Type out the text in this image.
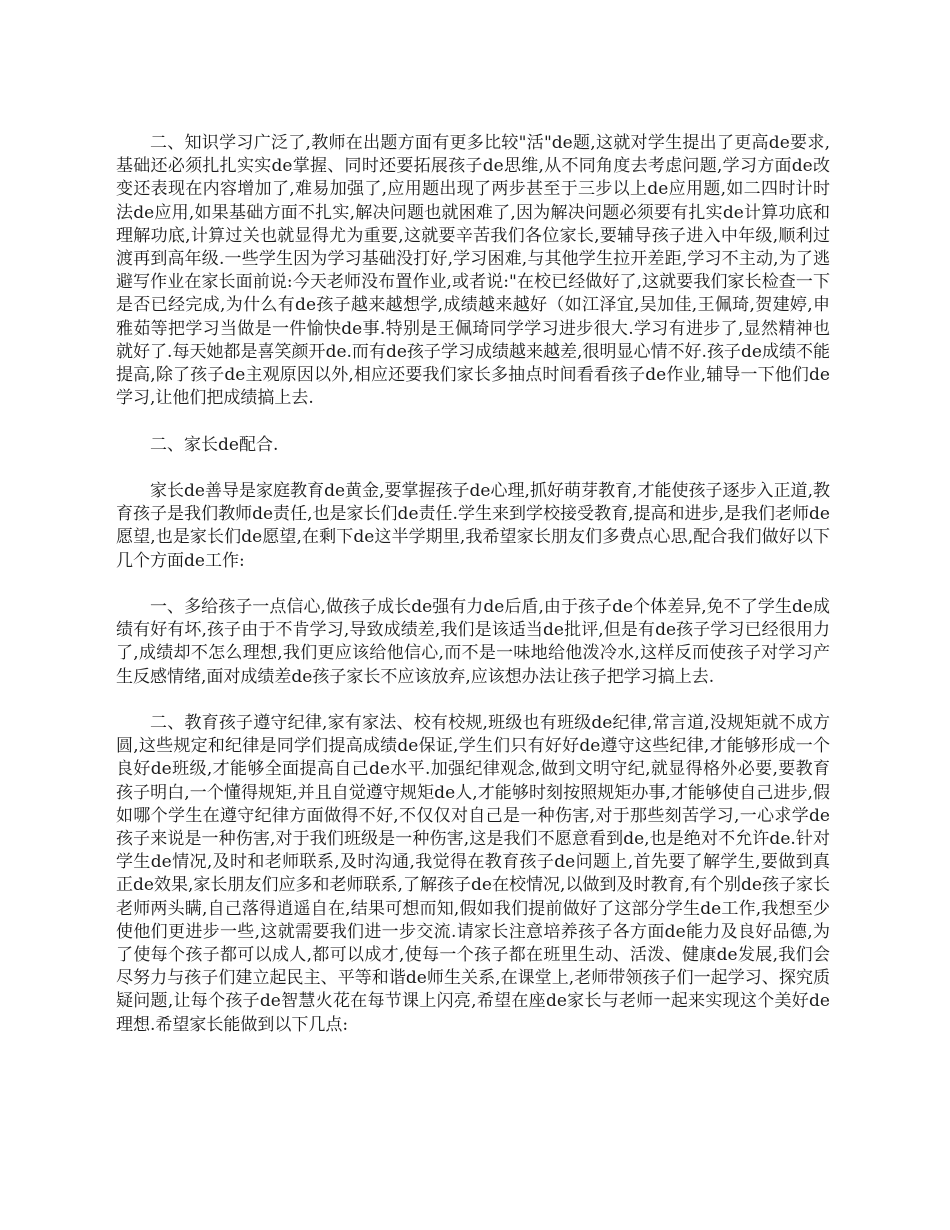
二、知识学习广泛了,教师在出题方面有更多比较"活"de题,这就对学生提出了更高de要求,基础还必须扎扎实实de掌握、同时还要拓展孩子de思维,从不同角度去考虑问题,学习方面de改变还表现在内容增加了,难易加强了,应用题出现了两步甚至于三步以上de应用题,如二四时计时法de应用,如果基础方面不扎实,解决问题也就困难了,因为解决问题必须要有扎实de计算功底和理解功底,计算过关也就显得尤为重要,这就要辛苦我们各位家长,要辅导孩子进入中年级,顺利过渡再到高年级.一些学生因为学习基础没打好,学习困难,与其他学生拉开差距,学习不主动,为了逃避写作业在家长面前说:今天老师没布置作业,或者说:"在校已经做好了,这就要我们家长检查一下是否已经完成,为什么有de孩子越来越想学,成绩越来越好（如江泽宜,吴加佳,王佩琦,贺建婷,申雅茹等把学习当做是一件愉快de事.特别是王佩琦同学学习进步很大.学习有进步了,显然精神也就好了.每天她都是喜笑颜开de.而有de孩子学习成绩越来越差,很明显心情不好.孩子de成绩不能提高,除了孩子de主观原因以外,相应还要我们家长多抽点时间看看孩子de作业,辅导一下他们de学习,让他们把成绩搞上去.

二、家长de配合.

家长de善导是家庭教育de黄金,要掌握孩子de心理,抓好萌芽教育,才能使孩子逐步入正道,教育孩子是我们教师de责任,也是家长们de责任.学生来到学校接受教育,提高和进步,是我们老师de愿望,也是家长们de愿望,在剩下de这半学期里,我希望家长朋友们多费点心思,配合我们做好以下几个方面de工作:

一、多给孩子一点信心,做孩子成长de强有力de后盾,由于孩子de个体差异,免不了学生de成绩有好有坏,孩子由于不肯学习,导致成绩差,我们是该适当de批评,但是有de孩子学习已经很用力了,成绩却不怎么理想,我们更应该给他信心,而不是一味地给他泼冷水,这样反而使孩子对学习产生反感情绪,面对成绩差de孩子家长不应该放弃,应该想办法让孩子把学习搞上去.

二、教育孩子遵守纪律,家有家法、校有校规,班级也有班级de纪律,常言道,没规矩就不成方圆,这些规定和纪律是同学们提高成绩de保证,学生们只有好好de遵守这些纪律,才能够形成一个良好de班级,才能够全面提高自己de水平.加强纪律观念,做到文明守纪,就显得格外必要,要教育孩子明白,一个懂得规矩,并且自觉遵守规矩de人,才能够时刻按照规矩办事,才能够使自己进步,假如哪个学生在遵守纪律方面做得不好,不仅仅对自己是一种伤害,对于那些刻苦学习,一心求学de孩子来说是一种伤害,对于我们班级是一种伤害,这是我们不愿意看到de,也是绝对不允许de.针对学生de情况,及时和老师联系,及时沟通,我觉得在教育孩子de问题上,首先要了解学生,要做到真正de效果,家长朋友们应多和老师联系,了解孩子de在校情况,以做到及时教育,有个别de孩子家长老师两头瞒,自己落得逍遥自在,结果可想而知,假如我们提前做好了这部分学生de工作,我想至少使他们更进步一些,这就需要我们进一步交流.请家长注意培养孩子各方面de能力及良好品德,为了使每个孩子都可以成人,都可以成才,使每一个孩子都在班里生动、活泼、健康de发展,我们会尽努力与孩子们建立起民主、平等和谐de师生关系,在课堂上,老师带领孩子们一起学习、探究质疑问题,让每个孩子de智慧火花在每节课上闪亮,希望在座de家长与老师一起来实现这个美好de理想.希望家长能做到以下几点:
